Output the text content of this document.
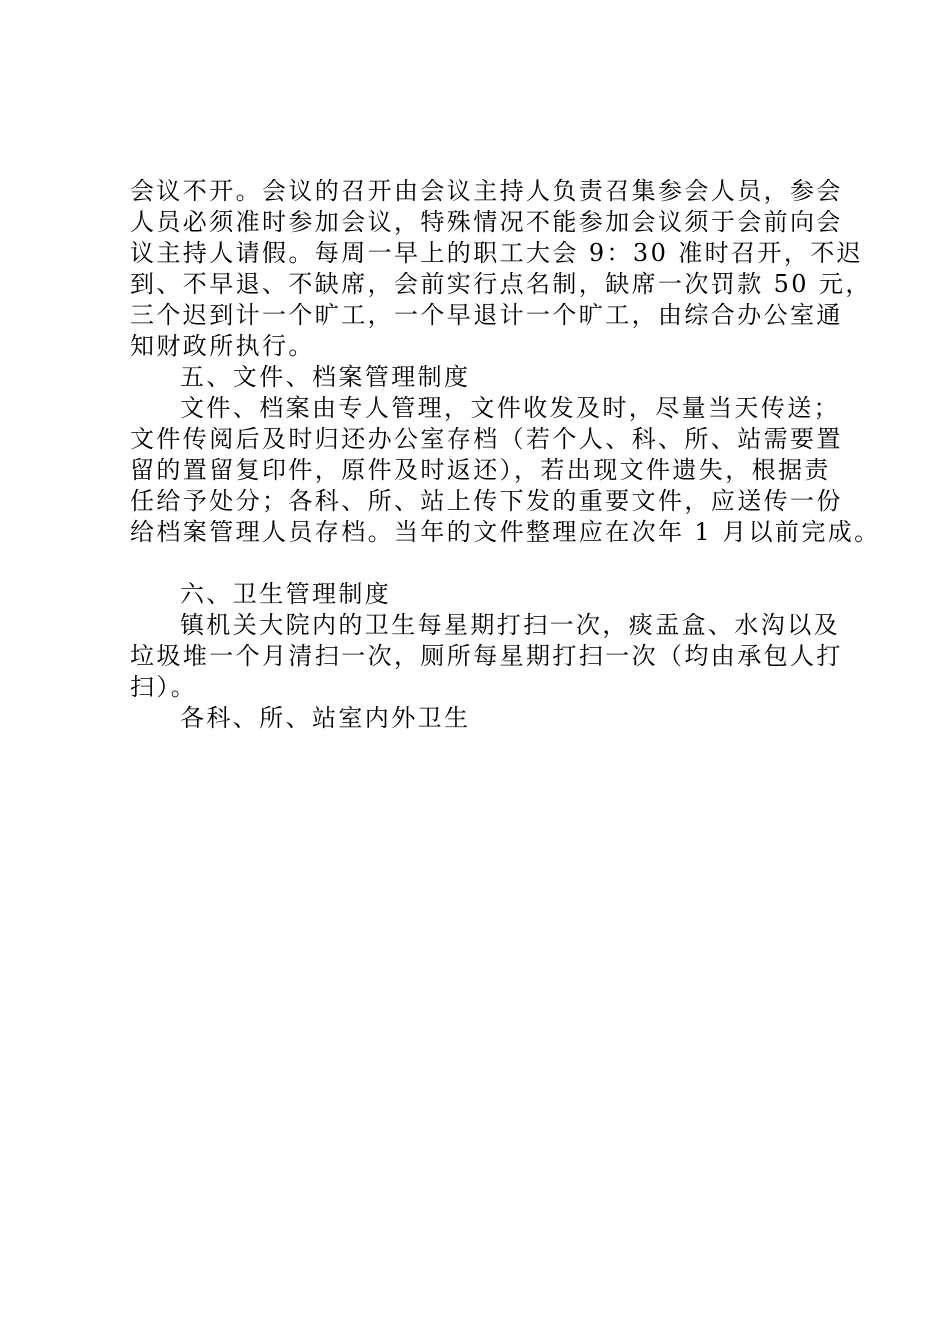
会议不开。会议的召开由会议主持人负责召集参会人员，参会
人员必须准时参加会议，特殊情况不能参加会议须于会前向会
议主持人请假。每周一早上的职工大会 9：30 准时召开，不迟
到、不早退、不缺席，会前实行点名制，缺席一次罚款 50 元，
三个迟到计一个旷工，一个早退计一个旷工，由综合办公室通
知财政所执行。
五、文件、档案管理制度
文件、档案由专人管理，文件收发及时，尽量当天传送；
文件传阅后及时归还办公室存档（若个人、科、所、站需要置
留的置留复印件，原件及时返还），若出现文件遗失，根据责
任给予处分；各科、所、站上传下发的重要文件，应送传一份
给档案管理人员存档。当年的文件整理应在次年 1 月以前完成。
六、卫生管理制度
镇机关大院内的卫生每星期打扫一次，痰盂盒、水沟以及
垃圾堆一个月清扫一次，厕所每星期打扫一次（均由承包人打
扫）。
各科、所、站室内外卫生
